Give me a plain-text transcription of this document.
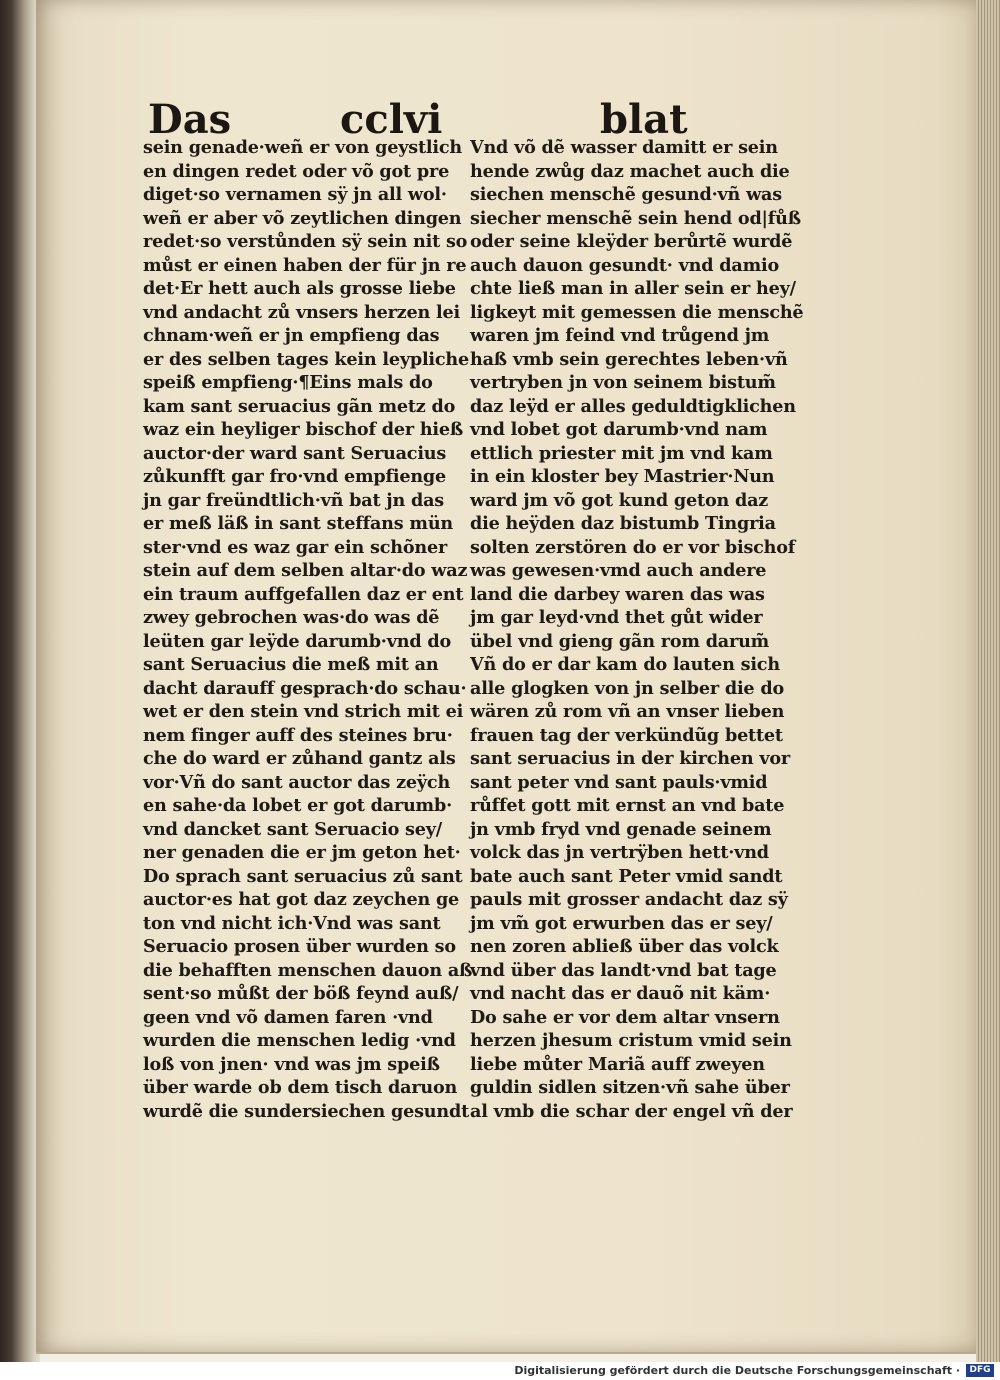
Das	cclvi	blat
sein genade·weñ er von geystlich
en dingen redet oder võ got pre
diget·so vernamen sÿ jn all wol·
weñ er aber võ zeytlichen dingen
redet·so verstůnden sÿ sein nit so
můst er einen haben der für jn re
det·Er hett auch als grosse liebe
vnd andacht zů vnsers herzen lei
chnam·weñ er jn empfieng das
er des selben tages kein leypliche
speiß empfieng·¶Eins mals do
kam sant seruacius gãn metz do
waz ein heyliger bischof der hieß
auctor·der ward sant Seruacius
zůkunfft gar fro·vnd empfienge
jn gar freündtlich·vñ bat jn das
er meß läß in sant steffans mün
ster·vnd es waz gar ein schõner
stein auf dem selben altar·do waz
ein traum auffgefallen daz er ent
zwey gebrochen was·do was dẽ
leüten gar leÿde darumb·vnd do
sant Seruacius die meß mit an
dacht darauff gesprach·do schau·
wet er den stein vnd strich mit ei
nem finger auff des steines bru·
che do ward er zůhand gantz als
vor·Vñ do sant auctor das zeÿch
en sahe·da lobet er got darumb·
vnd dancket sant Seruacio sey/
ner genaden die er jm geton het·
Do sprach sant seruacius zů sant
auctor·es hat got daz zeychen ge
ton vnd nicht ich·Vnd was sant
Seruacio prosen über wurden so
die behafften menschen dauon aß
sent·so můßt der böß feynd auß/
geen vnd võ damen faren ·vnd
wurden die menschen ledig ·vnd
loß von jnen· vnd was jm speiß
über warde ob dem tisch daruon
wurdẽ die sundersiechen gesundt
Vnd võ dẽ wasser damitt er sein
hende zwůg daz machet auch die
siechen menschẽ gesund·vñ was
siecher menschẽ sein hend od|fůß
oder seine kleÿder berůrtẽ wurdẽ
auch dauon gesundt· vnd damio
chte ließ man in aller sein er hey/
ligkeyt mit gemessen die menschẽ
waren jm feind vnd trůgend jm
haß vmb sein gerechtes leben·vñ
vertryben jn von seinem bistum̃
daz leÿd er alles geduldtigklichen
vnd lobet got darumb·vnd nam
ettlich priester mit jm vnd kam
in ein kloster bey Mastrier·Nun
ward jm võ got kund geton daz
die heÿden daz bistumb Tingria
solten zerstören do er vor bischof
was gewesen·vmd auch andere
land die darbey waren das was
jm gar leyd·vnd thet gůt wider
übel vnd gieng gãn rom darum̃
Vñ do er dar kam do lauten sich
alle glogken von jn selber die do
wären zů rom vñ an vnser lieben
frauen tag der verkündũg bettet
sant seruacius in der kirchen vor
sant peter vnd sant pauls·vmid
růffet gott mit ernst an vnd bate
jn vmb fryd vnd genade seinem
volck das jn vertrÿben hett·vnd
bate auch sant Peter vmid sandt
pauls mit grosser andacht daz sÿ
jm vm̃ got erwurben das er sey/
nen zoren abließ über das volck
vnd über das landt·vnd bat tage
vnd nacht das er dauõ nit käm·
Do sahe er vor dem altar vnsern
herzen jhesum cristum vmid sein
liebe můter Mariã auff zweyen
guldin sidlen sitzen·vñ sahe über
al vmb die schar der engel vñ der
Digitalisierung gefördert durch die Deutsche Forschungsgemeinschaft ·	DFG
